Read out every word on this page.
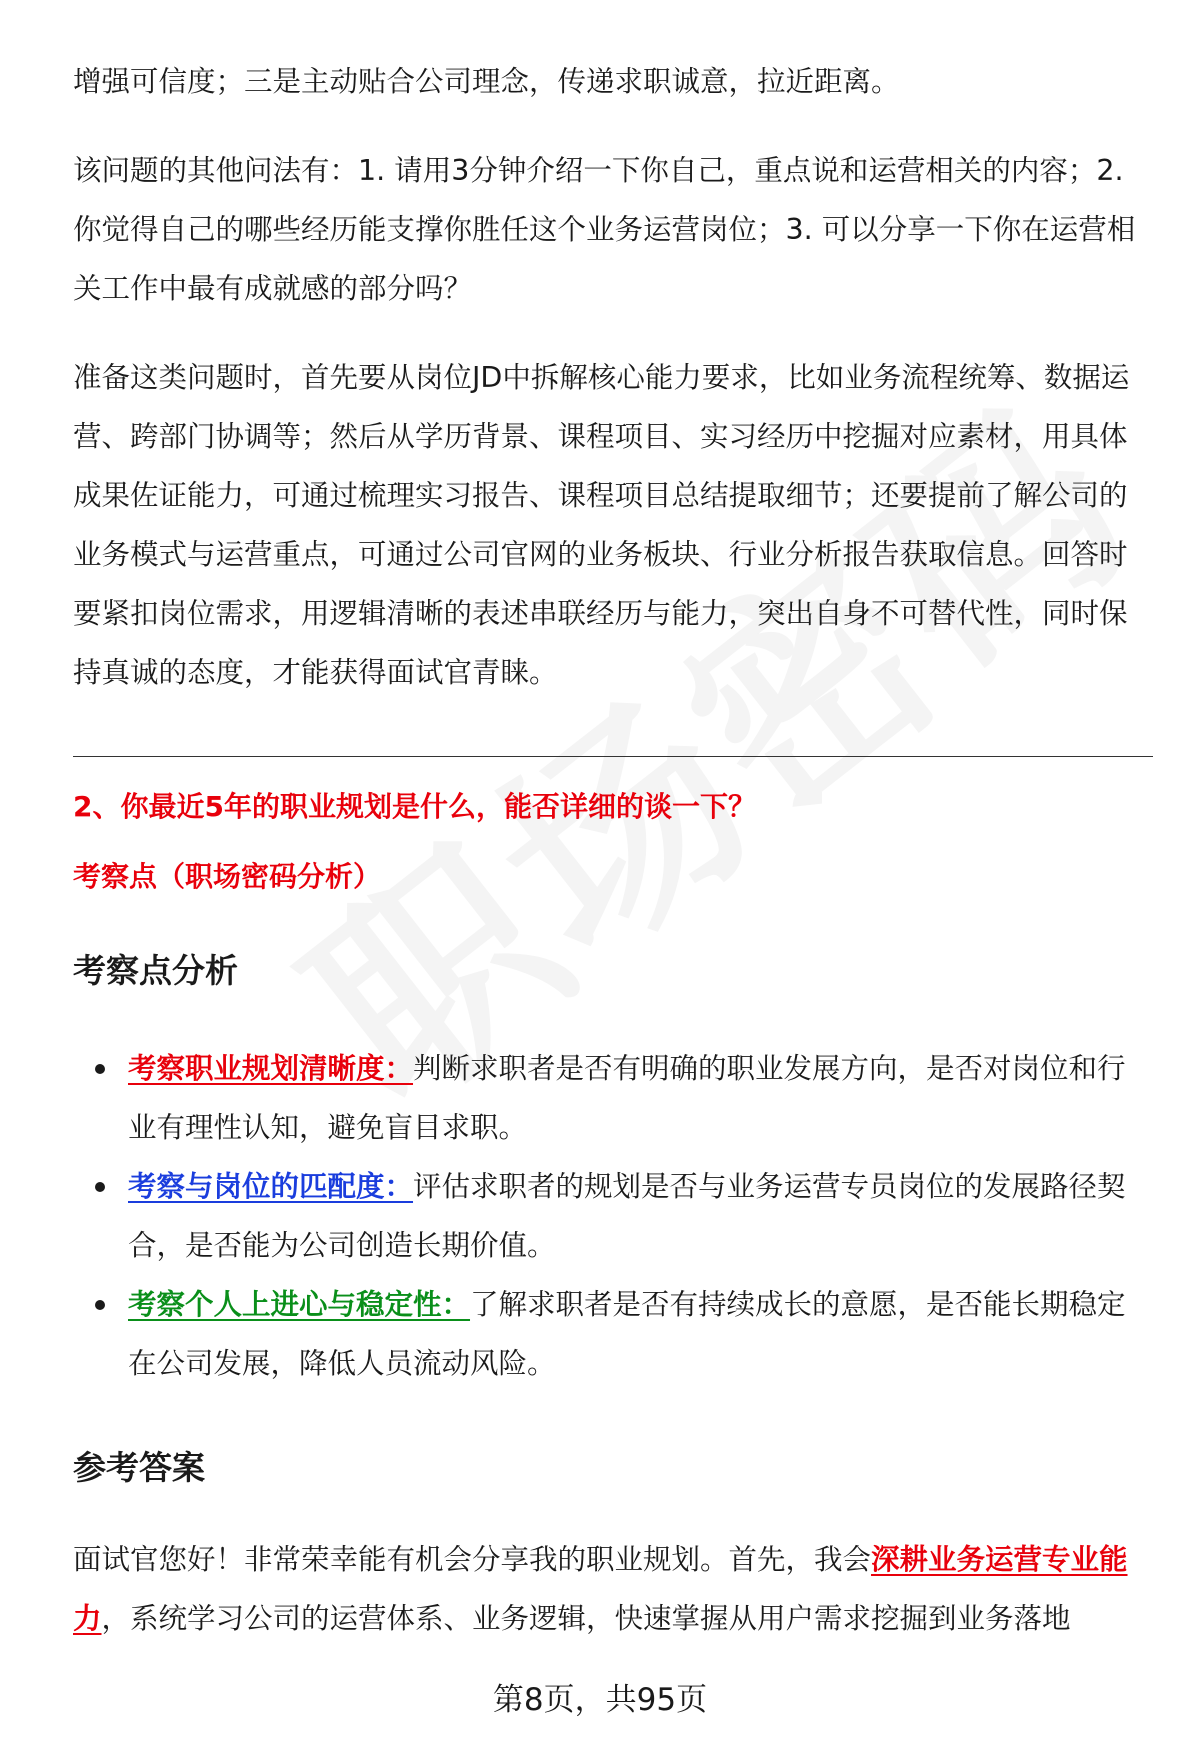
增强可信度；三是主动贴合公司理念，传递求职诚意，拉近距离。

该问题的其他问法有：1. 请用3分钟介绍一下你自己，重点说和运营相关的内容；2. 你觉得自己的哪些经历能支撑你胜任这个业务运营岗位；3. 可以分享一下你在运营相关工作中最有成就感的部分吗？

准备这类问题时，首先要从岗位JD中拆解核心能力要求，比如业务流程统筹、数据运营、跨部门协调等；然后从学历背景、课程项目、实习经历中挖掘对应素材，用具体成果佐证能力，可通过梳理实习报告、课程项目总结提取细节；还要提前了解公司的业务模式与运营重点，可通过公司官网的业务板块、行业分析报告获取信息。回答时要紧扣岗位需求，用逻辑清晰的表述串联经历与能力，突出自身不可替代性，同时保持真诚的态度，才能获得面试官青睐。

2、你最近5年的职业规划是什么，能否详细的谈一下？
考察点（职场密码分析）
考察点分析
考察职业规划清晰度：判断求职者是否有明确的职业发展方向，是否对岗位和行业有理性认知，避免盲目求职。
考察与岗位的匹配度：评估求职者的规划是否与业务运营专员岗位的发展路径契合，是否能为公司创造长期价值。
考察个人上进心与稳定性：了解求职者是否有持续成长的意愿，是否能长期稳定在公司发展，降低人员流动风险。
参考答案

面试官您好！非常荣幸能有机会分享我的职业规划。首先，我会深耕业务运营专业能力，系统学习公司的运营体系、业务逻辑，快速掌握从用户需求挖掘到业务落地

第8页，共95页
